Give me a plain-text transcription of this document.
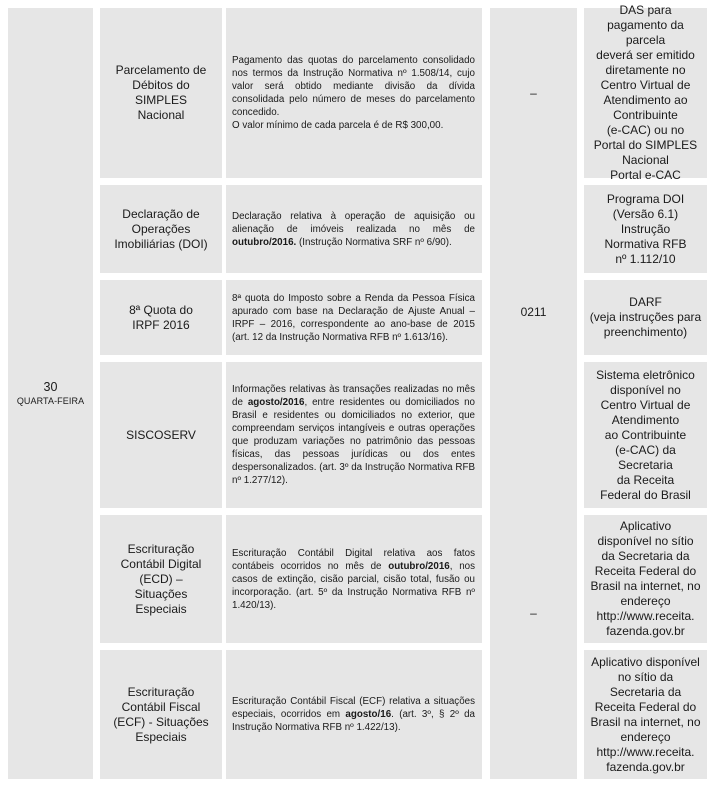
30
QUARTA-FEIRA
–
0211
–
Parcelamento de
Débitos do
SIMPLES
Nacional
Pagamento das quotas do parcelamento consolidado nos termos da Instrução Normativa nº 1.508/14, cujo valor será obtido mediante divisão da dívida consolidada pelo número de meses do parcelamento concedido.
O valor mínimo de cada parcela é de R$ 300,00.
DAS para pagamento da parcela
deverá ser emitido
diretamente no
Centro Virtual de
Atendimento ao
Contribuinte
(e-CAC) ou no
Portal do SIMPLES
Nacional
Portal e-CAC
Declaração de
Operações
Imobiliárias (DOI)
Declaração relativa à operação de aquisição ou alienação de imóveis realizada no mês de outubro/2016. (Instrução Normativa SRF nº 6/90).
Programa DOI
(Versão 6.1)
Instrução
Normativa RFB
nº 1.112/10
8ª Quota do
IRPF 2016
8ª quota do Imposto sobre a Renda da Pessoa Física apurado com base na Declaração de Ajuste Anual – IRPF – 2016, correspondente ao ano-base de 2015 (art. 12 da Instrução Normativa RFB nº 1.613/16).
DARF
(veja instruções para
preenchimento)
SISCOSERV
Informações relativas às transações realizadas no mês de agosto/2016, entre residentes ou domiciliados no Brasil e residentes ou domiciliados no exterior, que compreendam serviços intangíveis e outras operações que produzam variações no patrimônio das pessoas físicas, das pessoas jurídicas ou dos entes despersonalizados. (art. 3º da Instrução Normativa RFB nº 1.277/12).
Sistema eletrônico
disponível no
Centro Virtual de
Atendimento
ao Contribuinte
(e-CAC) da
Secretaria
da Receita
Federal do Brasil
Escrituração
Contábil Digital
(ECD) –
Situações
Especiais
Escrituração Contábil Digital relativa aos fatos contábeis ocorridos no mês de outubro/2016, nos casos de extinção, cisão parcial, cisão total, fusão ou incorporação. (art. 5º da Instrução Normativa RFB nº 1.420/13).
Aplicativo
disponível no sítio
da Secretaria da
Receita Federal do
Brasil na internet, no
endereço
http://www.receita.
fazenda.gov.br
Escrituração
Contábil Fiscal
(ECF) - Situações
Especiais
Escrituração Contábil Fiscal (ECF) relativa a situações especiais, ocorridos em agosto/16. (art. 3º, § 2º da Instrução Normativa RFB nº 1.422/13).
Aplicativo disponível no sítio da
Secretaria da
Receita Federal do
Brasil na internet, no
endereço
http://www.receita.
fazenda.gov.br
